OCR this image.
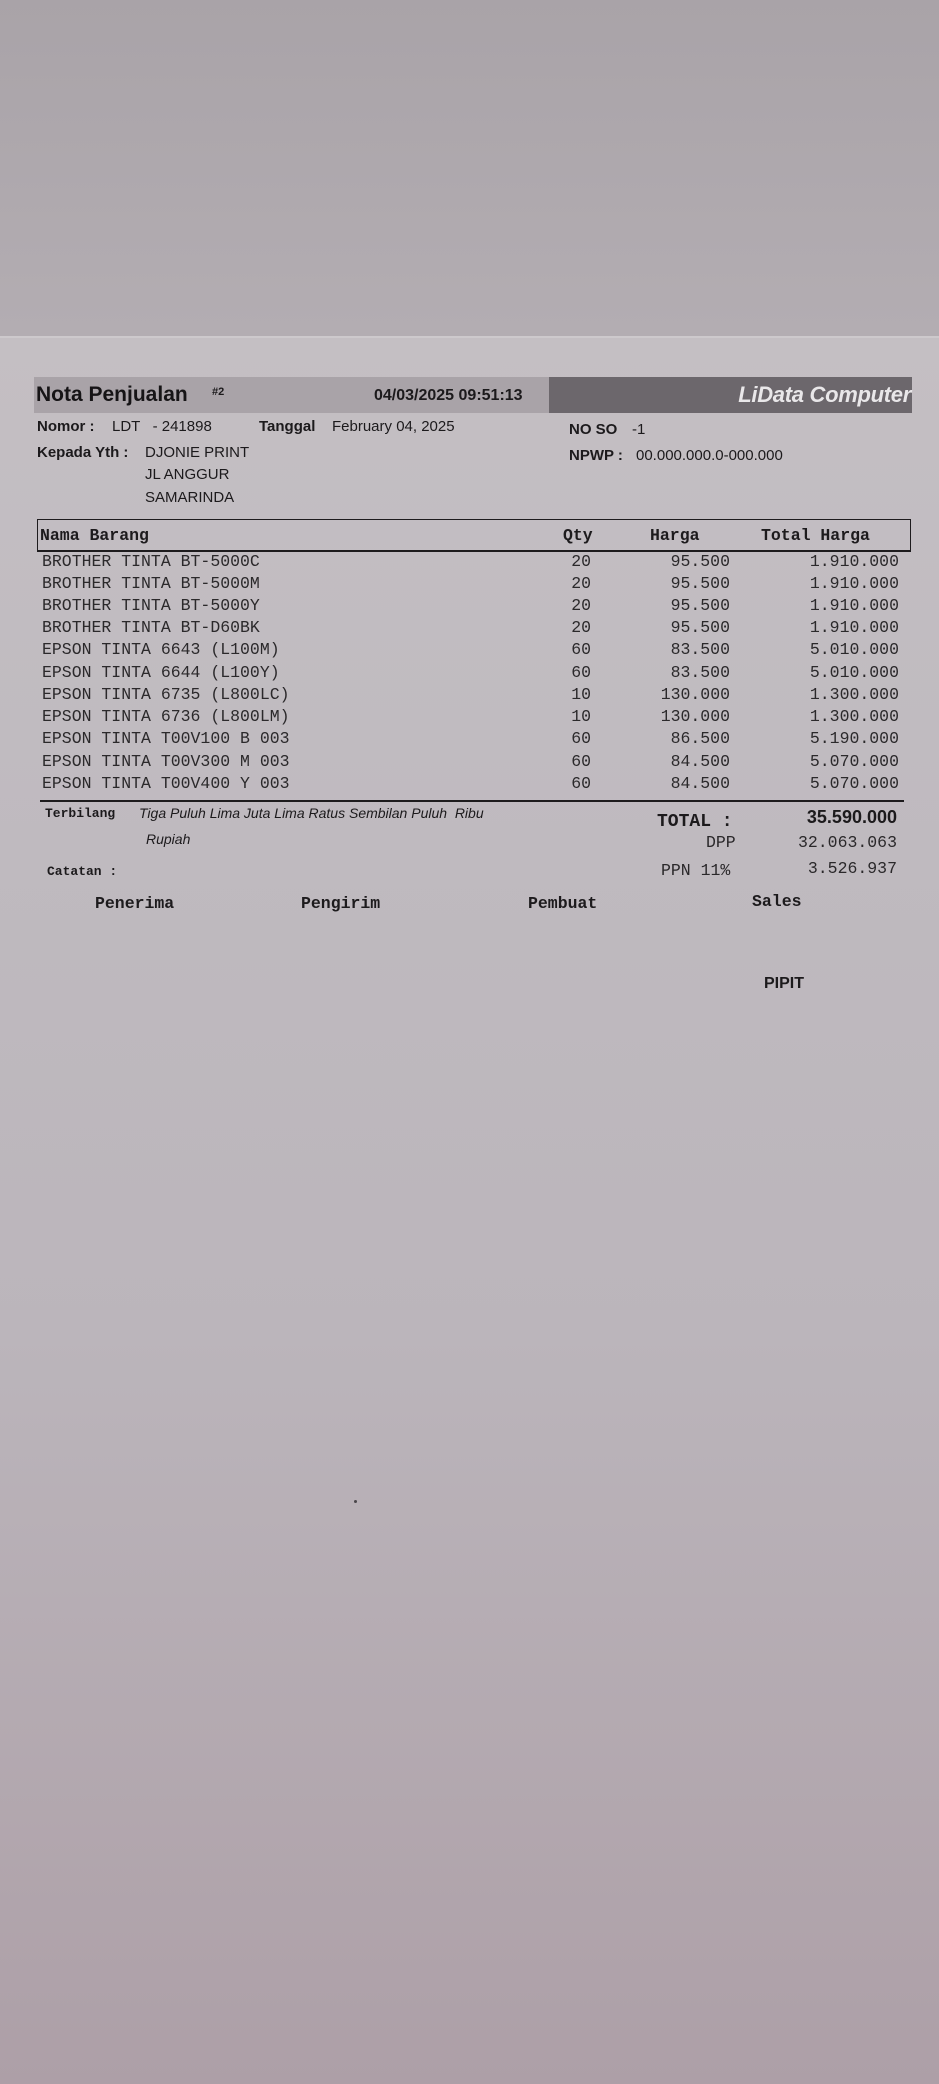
Nota Penjualan #2	04/03/2025 09:51:13	LiData Computer
Nomor : LDT   - 241898	Tanggal February 04, 2025	NO SO -1
Kepada Yth : DJONIE PRINT
JL ANGGUR
SAMARINDA
NPWP : 00.000.000.0-000.000
Nama Barang	Qty	Harga	Total Harga
BROTHER TINTA BT-5000C	20	95.500	1.910.000
BROTHER TINTA BT-5000M	20	95.500	1.910.000
BROTHER TINTA BT-5000Y	20	95.500	1.910.000
BROTHER TINTA BT-D60BK	20	95.500	1.910.000
EPSON TINTA 6643 (L100M)	60	83.500	5.010.000
EPSON TINTA 6644 (L100Y)	60	83.500	5.010.000
EPSON TINTA 6735 (L800LC)	10	130.000	1.300.000
EPSON TINTA 6736 (L800LM)	10	130.000	1.300.000
EPSON TINTA T00V100 B 003	60	86.500	5.190.000
EPSON TINTA T00V300 M 003	60	84.500	5.070.000
EPSON TINTA T00V400 Y 003	60	84.500	5.070.000
Terbilang Tiga Puluh Lima Juta Lima Ratus Sembilan Puluh  Ribu
Rupiah
TOTAL :	35.590.000
DPP	32.063.063
PPN 11%	3.526.937
Catatan :
Penerima	Pengirim	Pembuat	Sales
PIPIT
